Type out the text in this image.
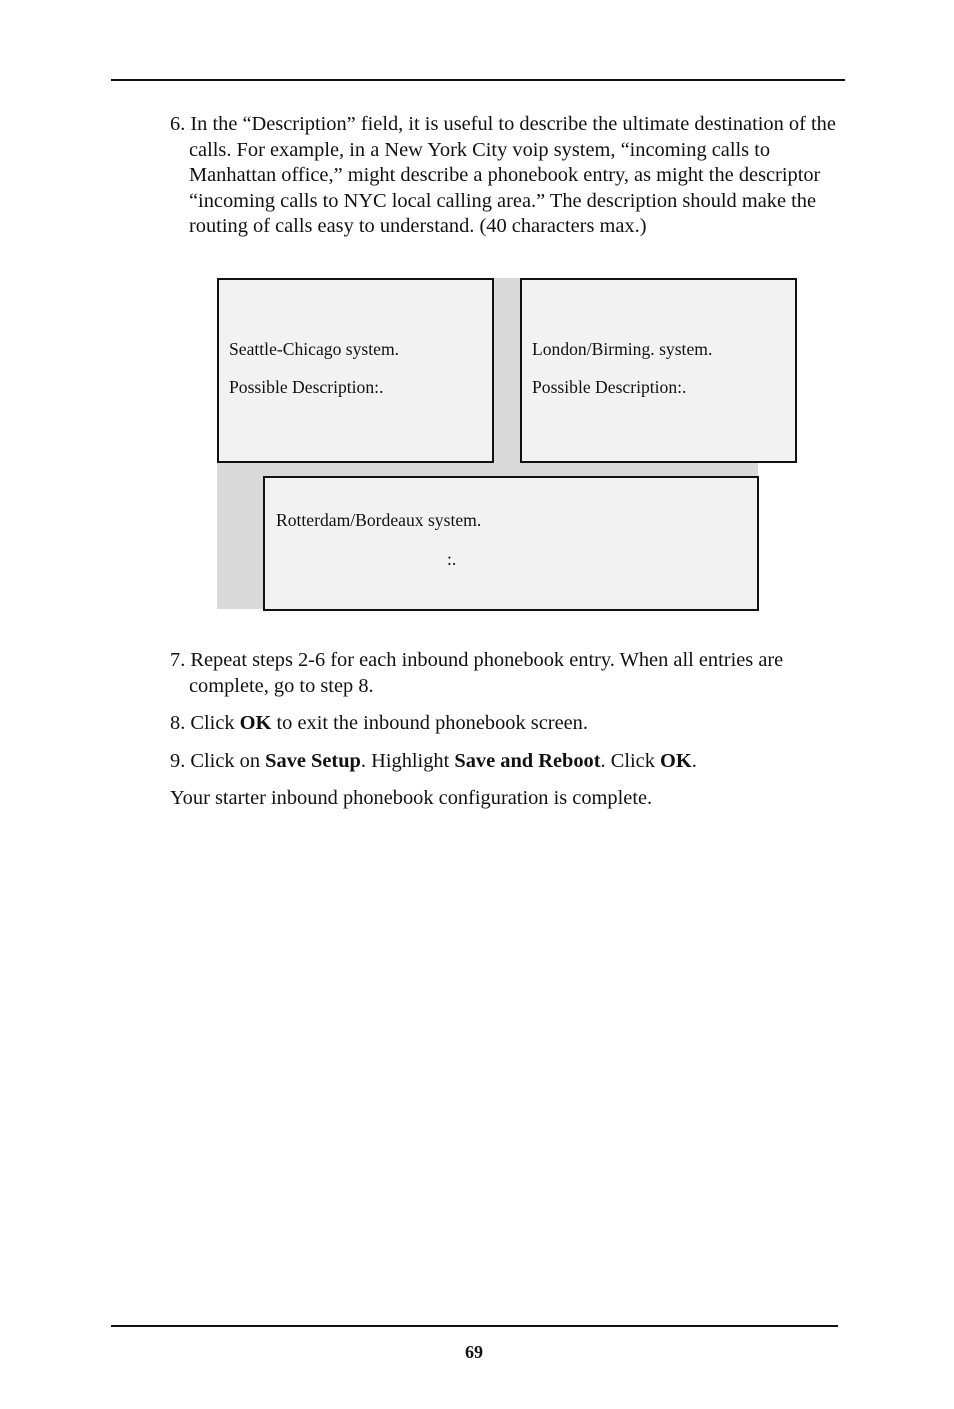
6. In the “Description” field, it is useful to describe the ultimate destination of the calls. For example, in a New York City voip system, “incoming calls to Manhattan office,” might describe a phonebook entry, as might the descriptor “incoming calls to NYC local calling area.” The description should make the routing of calls easy to understand. (40 characters max.)

Seattle-Chicago system.
Possible Description:.
London/Birming. system.
Possible Description:.
Rotterdam/Bordeaux system.
:.

7. Repeat steps 2-6 for each inbound phonebook entry. When all entries are complete, go to step 8.

8. Click OK to exit the inbound phonebook screen.

9. Click on Save Setup. Highlight Save and Reboot. Click OK.

Your starter inbound phonebook configuration is complete.

69
